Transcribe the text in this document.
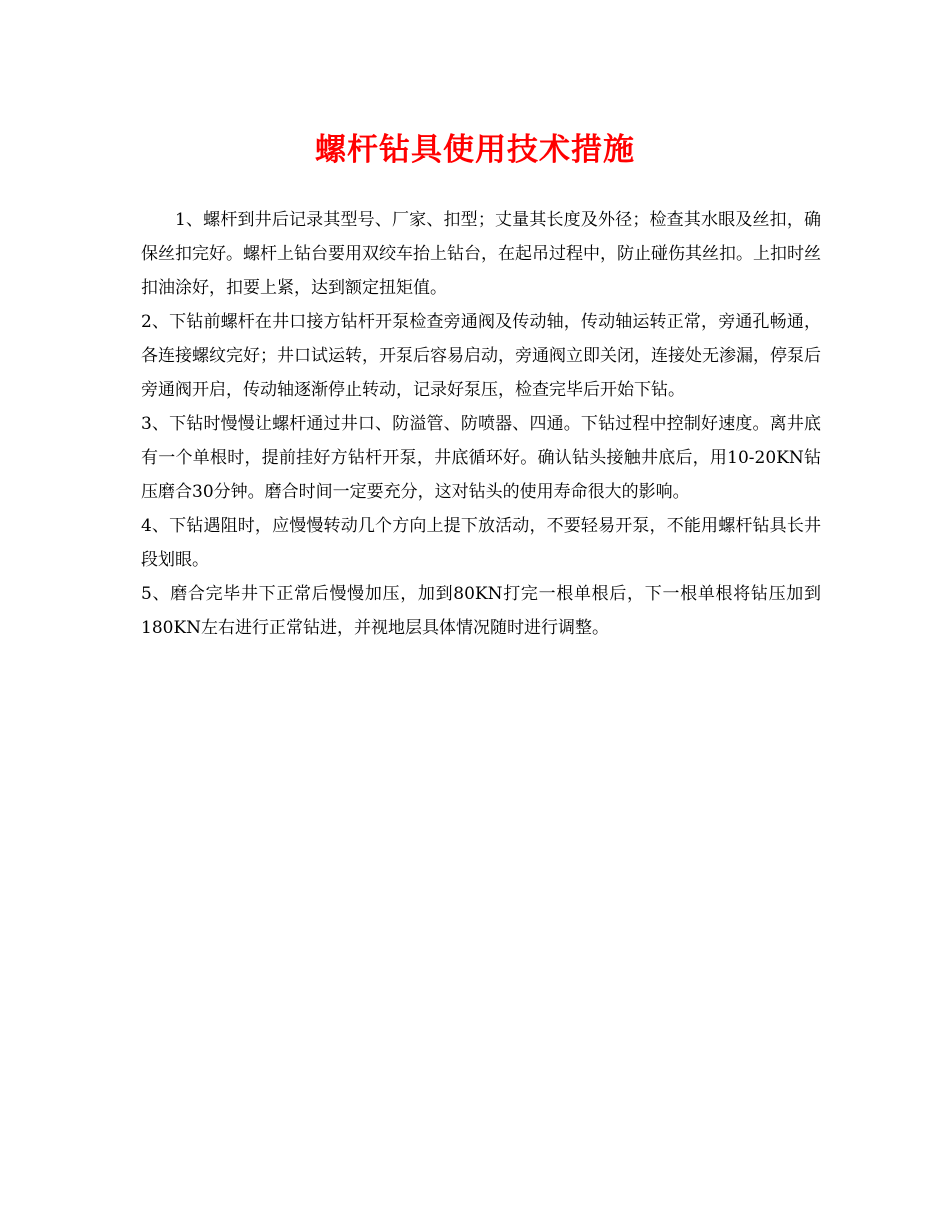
螺杆钻具使用技术措施

1、螺杆到井后记录其型号、厂家、扣型；丈量其长度及外径；检查其水眼及丝扣，确保丝扣完好。螺杆上钻台要用双绞车抬上钻台，在起吊过程中，防止碰伤其丝扣。上扣时丝扣油涂好，扣要上紧，达到额定扭矩值。

2、下钻前螺杆在井口接方钻杆开泵检查旁通阀及传动轴，传动轴运转正常，旁通孔畅通，各连接螺纹完好；井口试运转，开泵后容易启动，旁通阀立即关闭，连接处无渗漏，停泵后旁通阀开启，传动轴逐渐停止转动，记录好泵压，检查完毕后开始下钻。

3、下钻时慢慢让螺杆通过井口、防溢管、防喷器、四通。下钻过程中控制好速度。离井底有一个单根时，提前挂好方钻杆开泵，井底循环好。确认钻头接触井底后，用10-20KN钻压磨合30分钟。磨合时间一定要充分，这对钻头的使用寿命很大的影响。

4、下钻遇阻时，应慢慢转动几个方向上提下放活动，不要轻易开泵，不能用螺杆钻具长井段划眼。

5、磨合完毕井下正常后慢慢加压，加到80KN打完一根单根后，下一根单根将钻压加到180KN左右进行正常钻进，并视地层具体情况随时进行调整。
